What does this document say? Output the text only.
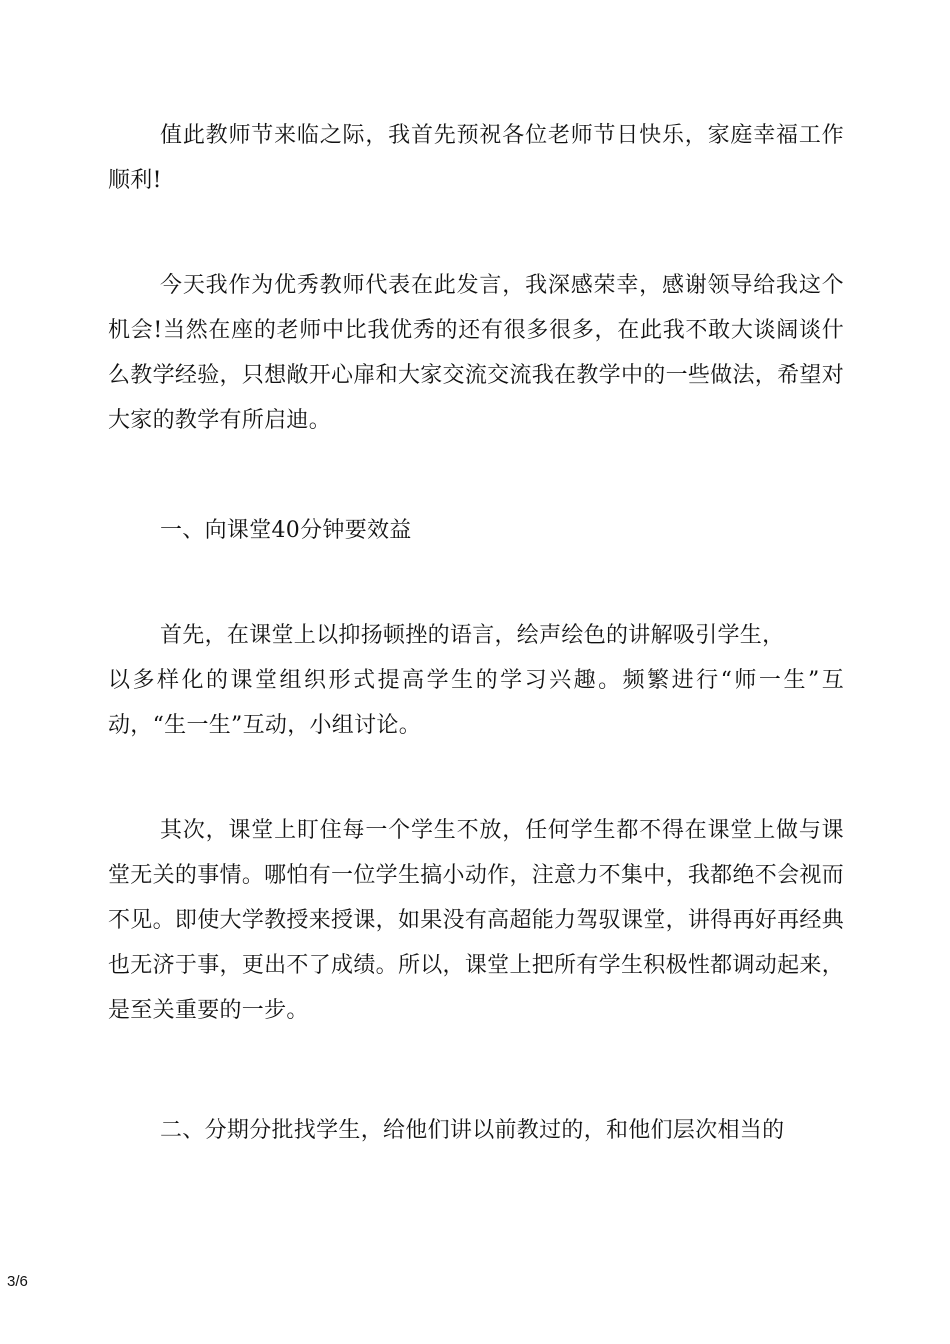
值此教师节来临之际，我首先预祝各位老师节日快乐，家庭幸福工作顺利!

今天我作为优秀教师代表在此发言，我深感荣幸，感谢领导给我这个机会!当然在座的老师中比我优秀的还有很多很多，在此我不敢大谈阔谈什么教学经验，只想敞开心扉和大家交流交流我在教学中的一些做法，希望对大家的教学有所启迪。

一、向课堂40分钟要效益

首先，在课堂上以抑扬顿挫的语言，绘声绘色的讲解吸引学生，
以多样化的课堂组织形式提高学生的学习兴趣。频繁进行“师一生”互动，“生一生”互动，小组讨论。

其次，课堂上盯住每一个学生不放，任何学生都不得在课堂上做与课堂无关的事情。哪怕有一位学生搞小动作，注意力不集中，我都绝不会视而不见。即使大学教授来授课，如果没有高超能力驾驭课堂，讲得再好再经典也无济于事，更出不了成绩。所以，课堂上把所有学生积极性都调动起来，是至关重要的一步。

二、分期分批找学生，给他们讲以前教过的，和他们层次相当的

3/6
